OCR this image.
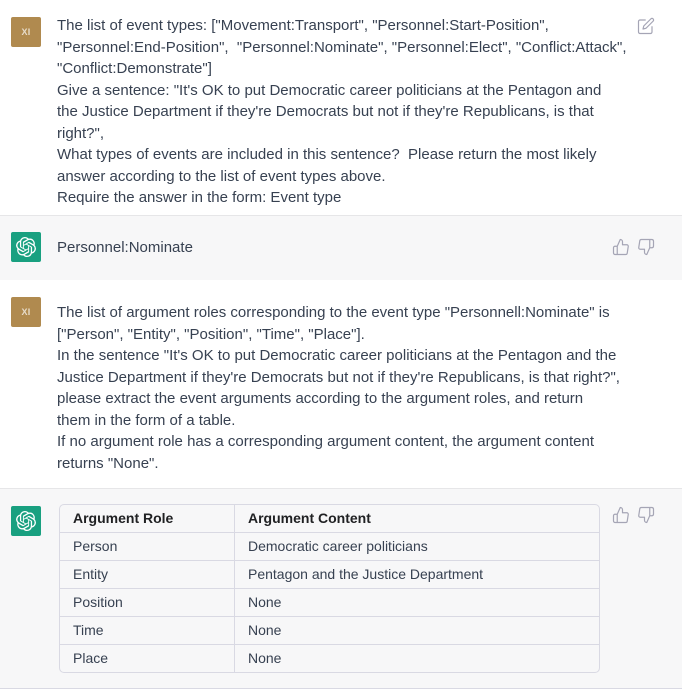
XI	The list of event types: ["Movement:Transport", "Personnel:Start-Position",
"Personnel:End-Position",  "Personnel:Nominate", "Personnel:Elect", "Conflict:Attack",
"Conflict:Demonstrate"]
Give a sentence: "It's OK to put Democratic career politicians at the Pentagon and
the Justice Department if they're Democrats but not if they're Republicans, is that
right?",
What types of events are included in this sentence?  Please return the most likely
answer according to the list of event types above.
Require the answer in the form: Event type
Personnel:Nominate
XI	The list of argument roles corresponding to the event type "Personnell:Nominate" is
["Person", "Entity", "Position", "Time", "Place"].
In the sentence "It's OK to put Democratic career politicians at the Pentagon and the
Justice Department if they're Democrats but not if they're Republicans, is that right?",
please extract the event arguments according to the argument roles, and return
them in the form of a table.
If no argument role has a corresponding argument content, the argument content
returns "None".
Argument Role	Argument Content
Person	Democratic career politicians
Entity	Pentagon and the Justice Department
Position	None
Time	None
Place	None
